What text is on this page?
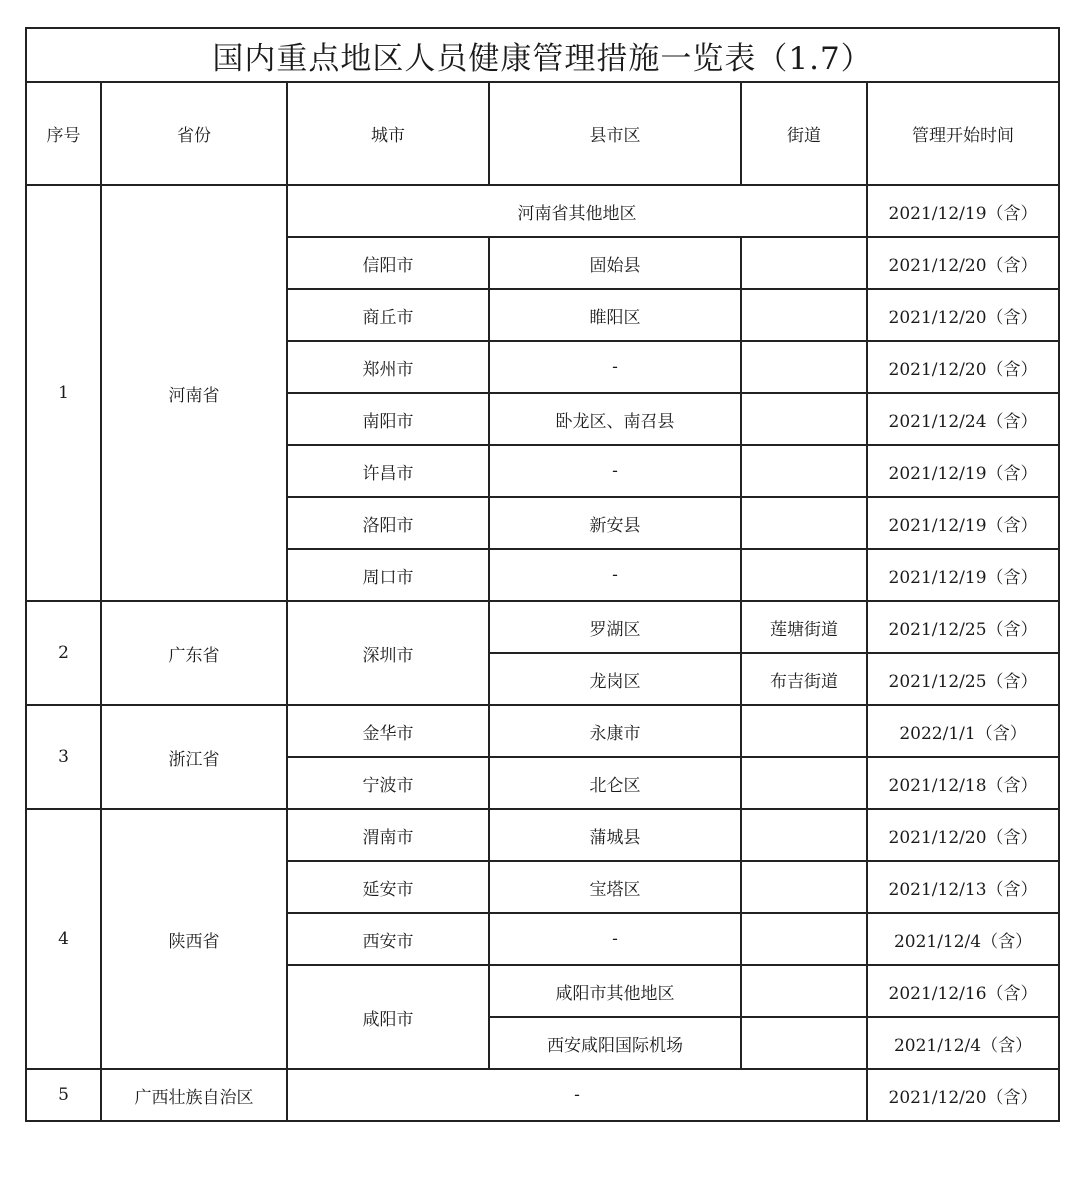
国内重点地区人员健康管理措施一览表（1.7）					
序号	省份	城市	县市区	街道	管理开始时间
1	河南省	河南省其他地区			2021/12/19（含）
		信阳市	固始县		2021/12/20（含）
		商丘市	睢阳区		2021/12/20（含）
		郑州市	-		2021/12/20（含）
		南阳市	卧龙区、南召县		2021/12/24（含）
		许昌市	-		2021/12/19（含）
		洛阳市	新安县		2021/12/19（含）
		周口市	-		2021/12/19（含）
2	广东省	深圳市	罗湖区	莲塘街道	2021/12/25（含）
			龙岗区	布吉街道	2021/12/25（含）
3	浙江省	金华市	永康市		2022/1/1（含）
		宁波市	北仑区		2021/12/18（含）
4	陕西省	渭南市	蒲城县		2021/12/20（含）
		延安市	宝塔区		2021/12/13（含）
		西安市	-		2021/12/4（含）
		咸阳市	咸阳市其他地区		2021/12/16（含）
			西安咸阳国际机场		2021/12/4（含）
5	广西壮族自治区	-			2021/12/20（含）
